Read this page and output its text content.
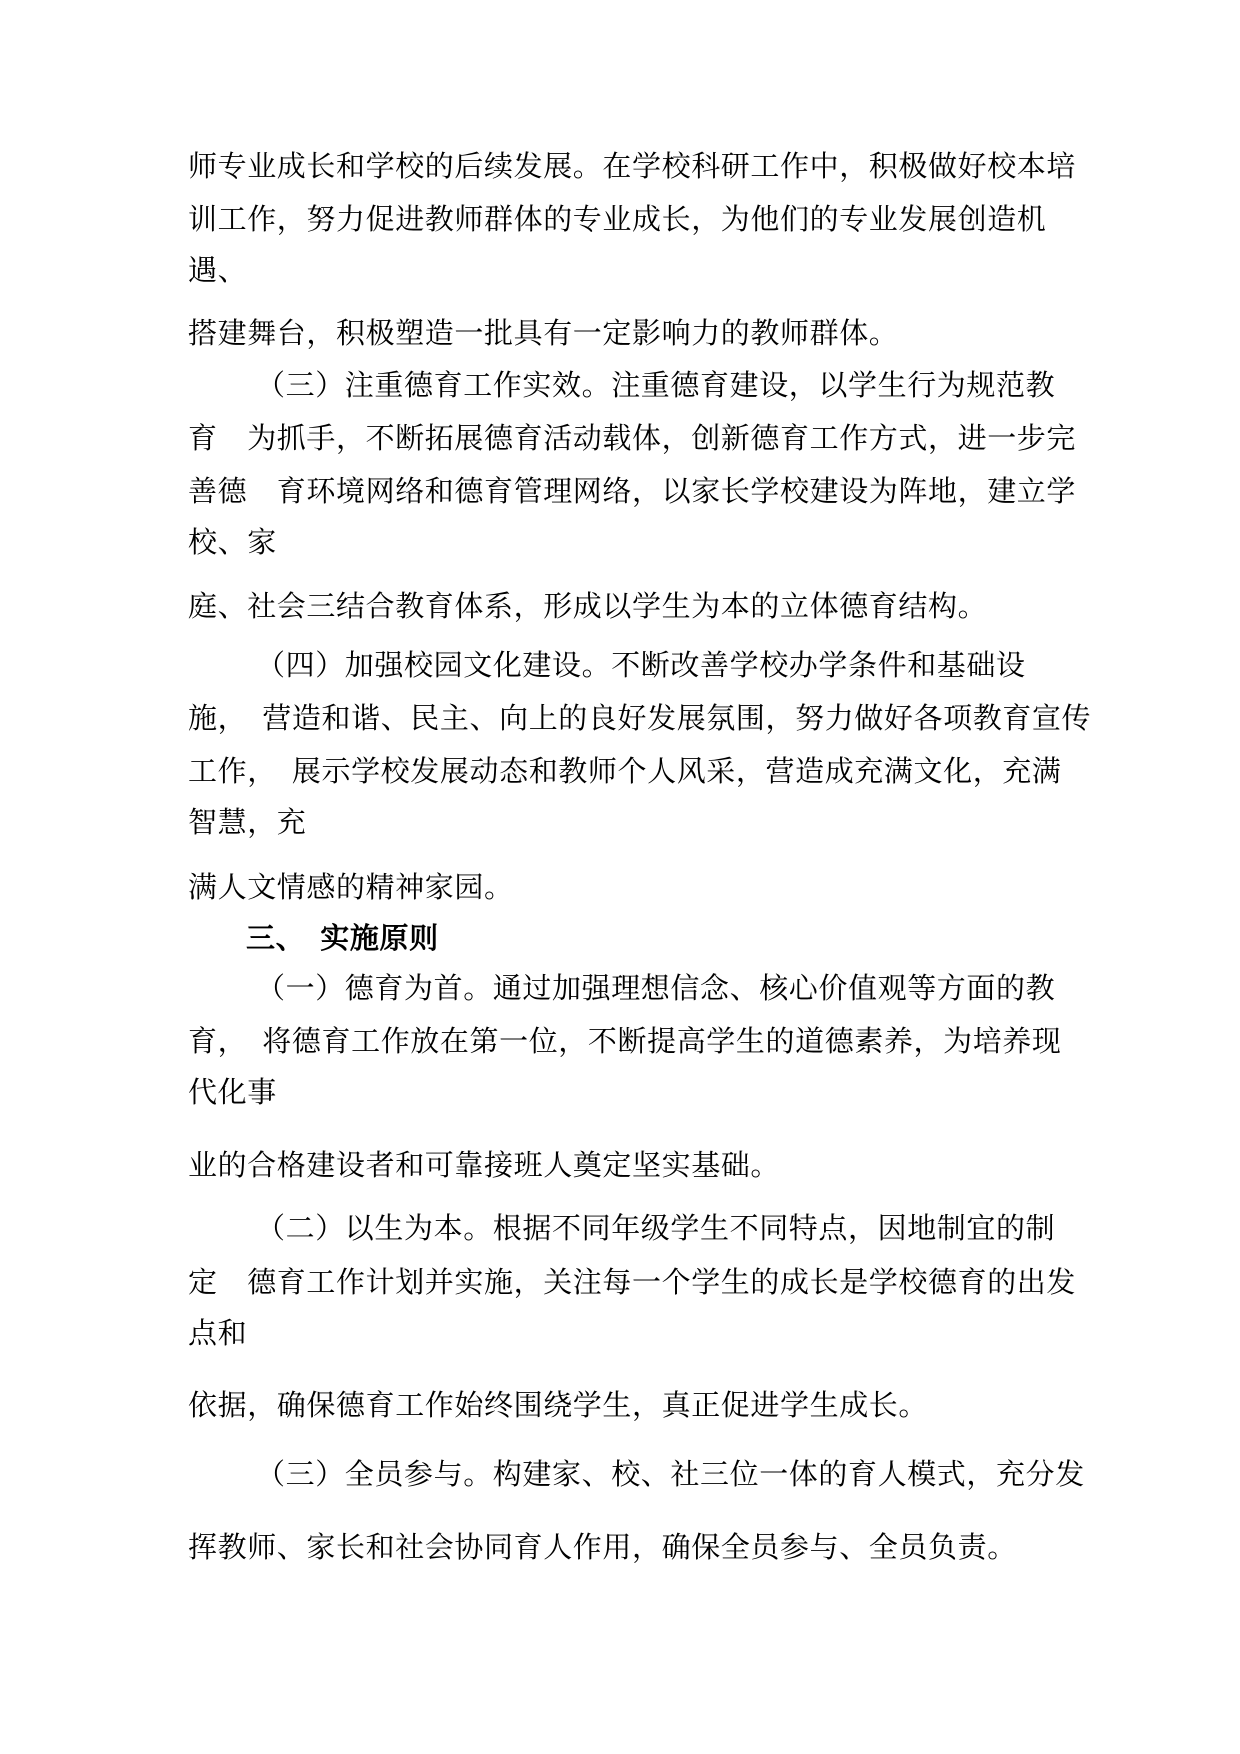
师专业成长和学校的后续发展。在学校科研工作中，积极做好校本培

训工作，努力促进教师群体的专业成长，为他们的专业发展创造机

遇、

搭建舞台，积极塑造一批具有一定影响力的教师群体。

（三）注重德育工作实效。注重德育建设，以学生行为规范教

育　为抓手，不断拓展德育活动载体，创新德育工作方式，进一步完

善德　育环境网络和德育管理网络，以家长学校建设为阵地，建立学

校、家

庭、社会三结合教育体系，形成以学生为本的立体德育结构。

（四）加强校园文化建设。不断改善学校办学条件和基础设

施，　营造和谐、民主、向上的良好发展氛围，努力做好各项教育宣传

工作，　展示学校发展动态和教师个人风采，营造成充满文化，充满

智慧，充

满人文情感的精神家园。

三、　实施原则

（一）德育为首。通过加强理想信念、核心价值观等方面的教

育，　将德育工作放在第一位，不断提高学生的道德素养，为培养现

代化事

业的合格建设者和可靠接班人奠定坚实基础。

（二）以生为本。根据不同年级学生不同特点，因地制宜的制

定　德育工作计划并实施，关注每一个学生的成长是学校德育的出发

点和

依据，确保德育工作始终围绕学生，真正促进学生成长。

（三）全员参与。构建家、校、社三位一体的育人模式，充分发

挥教师、家长和社会协同育人作用，确保全员参与、全员负责。
